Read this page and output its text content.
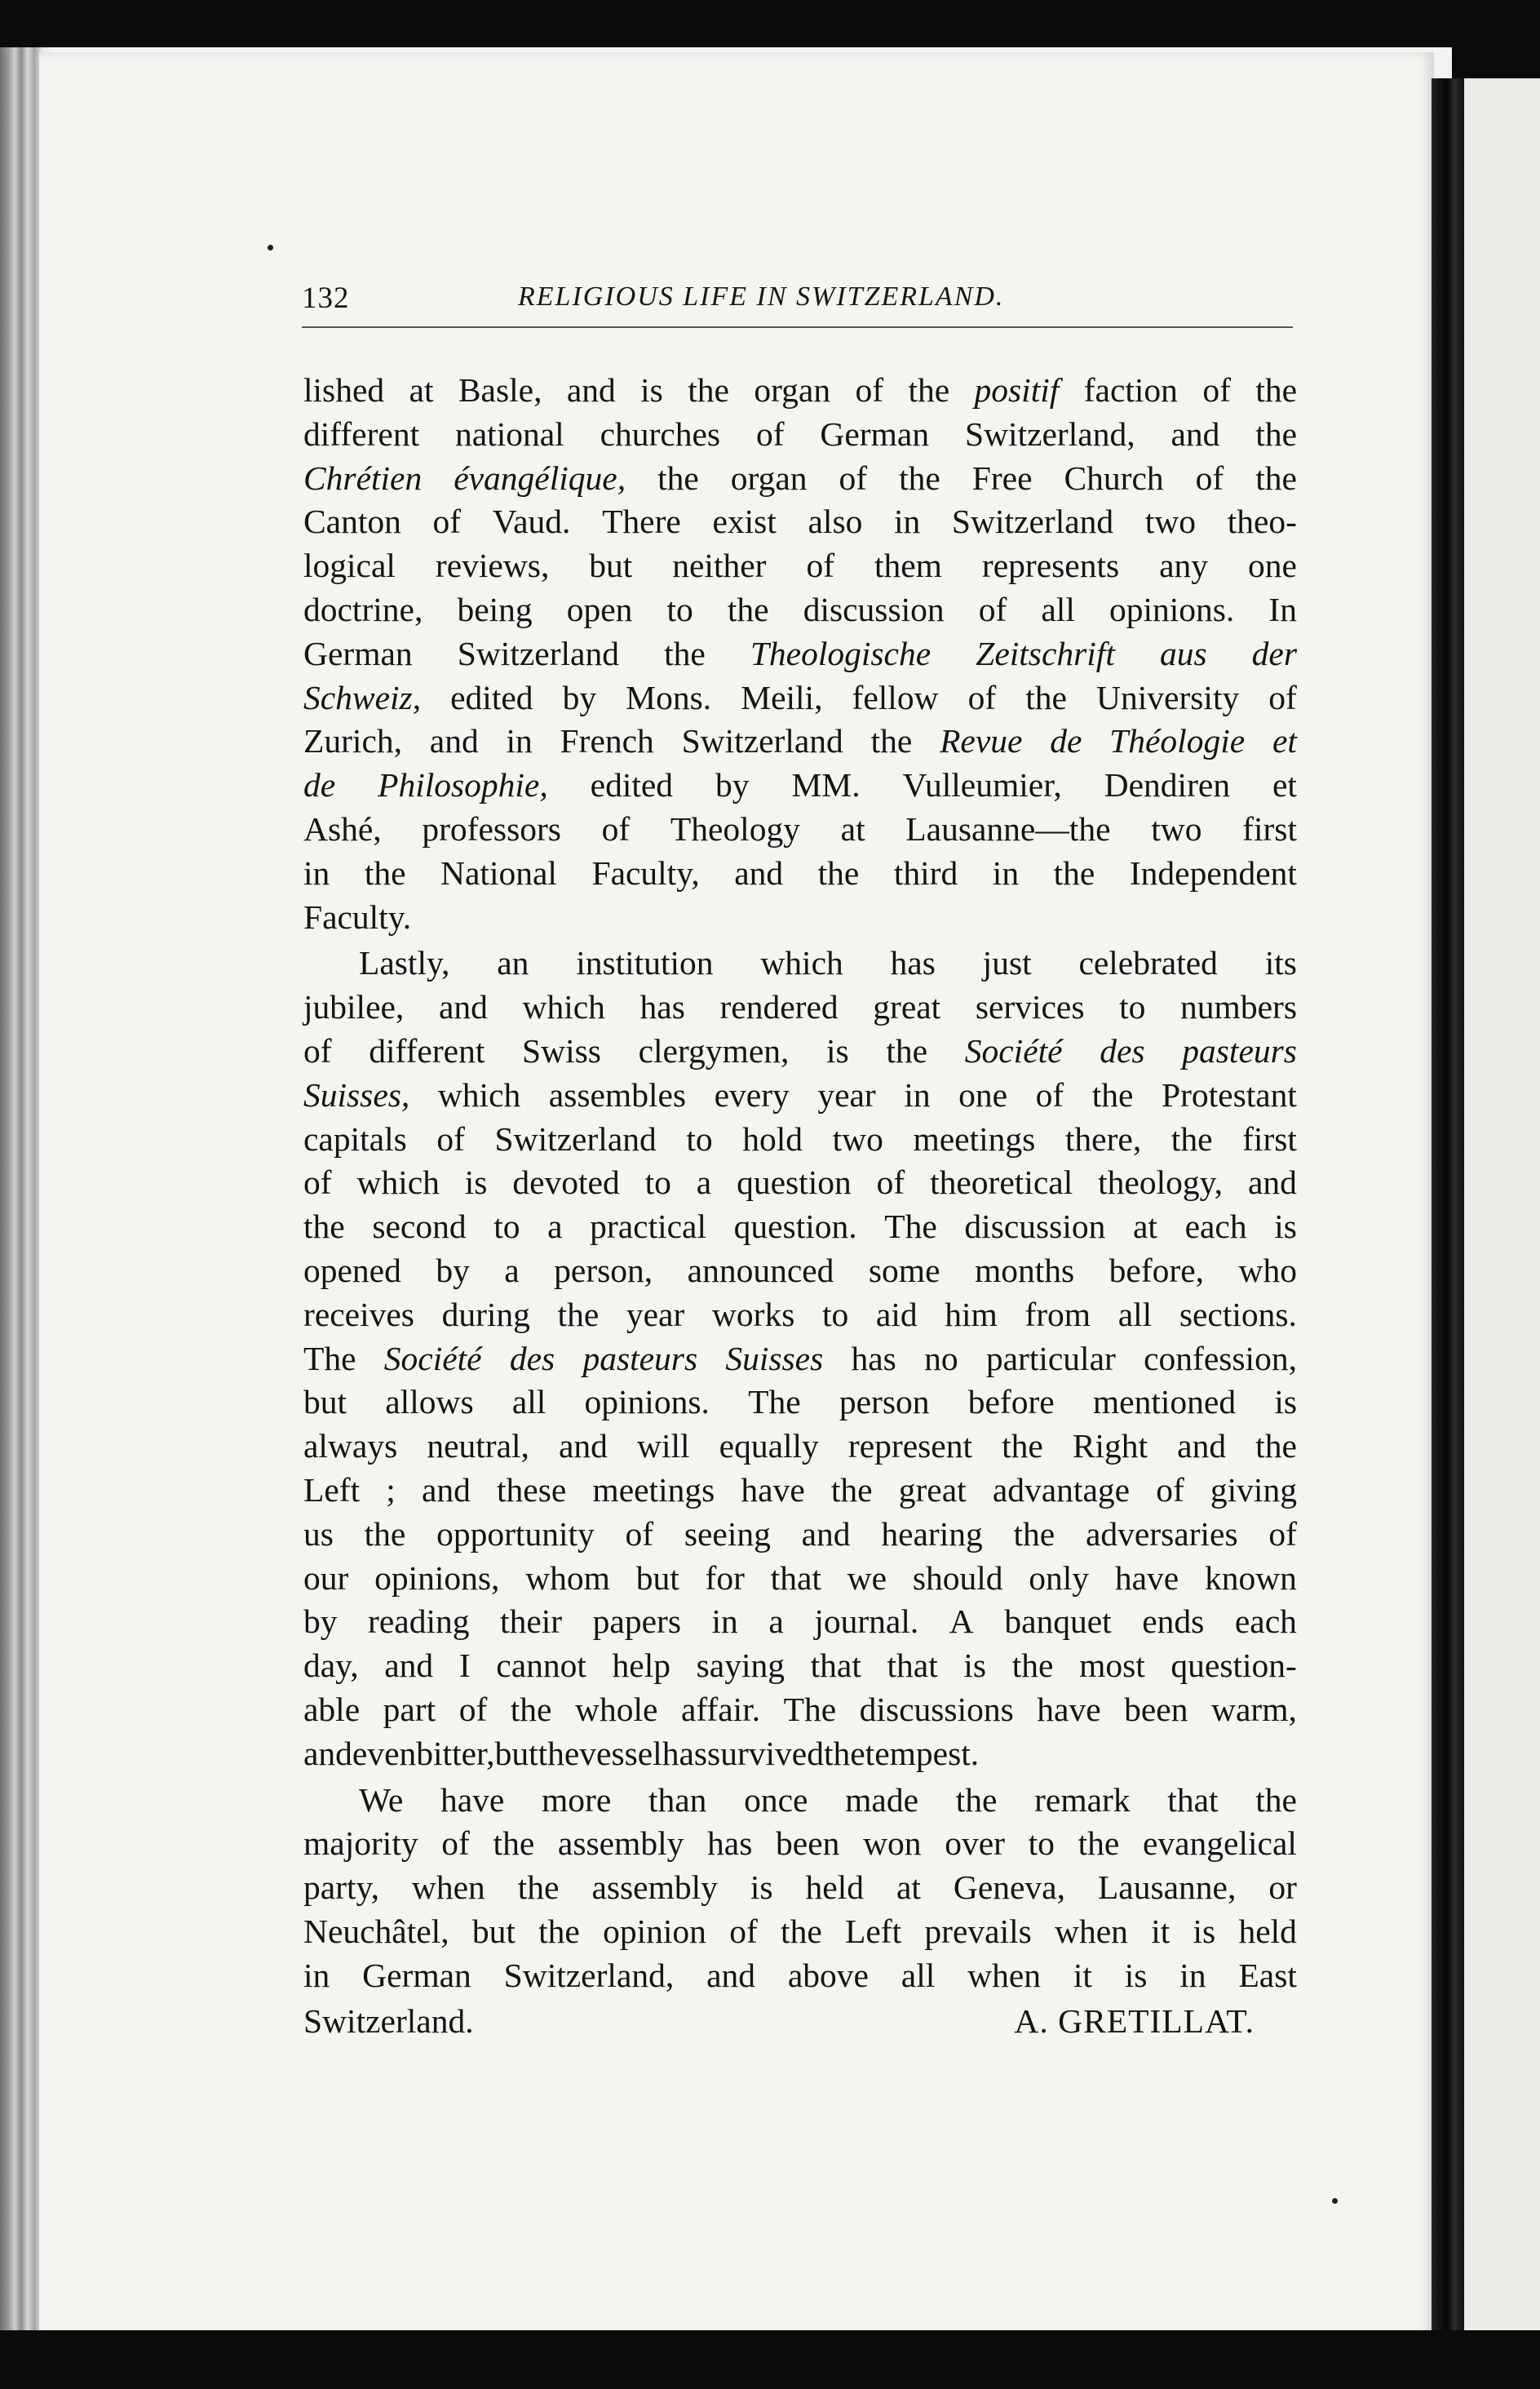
132	RELIGIOUS LIFE IN SWITZERLAND.
lished at Basle, and is the organ of the positif faction of the
different national churches of German Switzerland, and the
Chrétien évangélique, the organ of the Free Church of the
Canton of Vaud. There exist also in Switzerland two theo-
logical reviews, but neither of them represents any one
doctrine, being open to the discussion of all opinions. In
German Switzerland the Theologische Zeitschrift aus der
Schweiz, edited by Mons. Meili, fellow of the University of
Zurich, and in French Switzerland the Revue de Théologie et
de Philosophie, edited by MM. Vulleumier, Dendiren et
Ashé, professors of Theology at Lausanne—the two first
in the National Faculty, and the third in the Independent
Faculty.
Lastly, an institution which has just celebrated its
jubilee, and which has rendered great services to numbers
of different Swiss clergymen, is the Société des pasteurs
Suisses, which assembles every year in one of the Protestant
capitals of Switzerland to hold two meetings there, the first
of which is devoted to a question of theoretical theology, and
the second to a practical question. The discussion at each is
opened by a person, announced some months before, who
receives during the year works to aid him from all sections.
The Société des pasteurs Suisses has no particular confession,
but allows all opinions. The person before mentioned is
always neutral, and will equally represent the Right and the
Left ; and these meetings have the great advantage of giving
us the opportunity of seeing and hearing the adversaries of
our opinions, whom but for that we should only have known
by reading their papers in a journal. A banquet ends each
day, and I cannot help saying that that is the most question-
able part of the whole affair. The discussions have been warm,
and even bitter, but the vessel has survived the tempest.
We have more than once made the remark that the
majority of the assembly has been won over to the evangelical
party, when the assembly is held at Geneva, Lausanne, or
Neuchâtel, but the opinion of the Left prevails when it is held
in German Switzerland, and above all when it is in East
Switzerland.	A. GRETILLAT.
